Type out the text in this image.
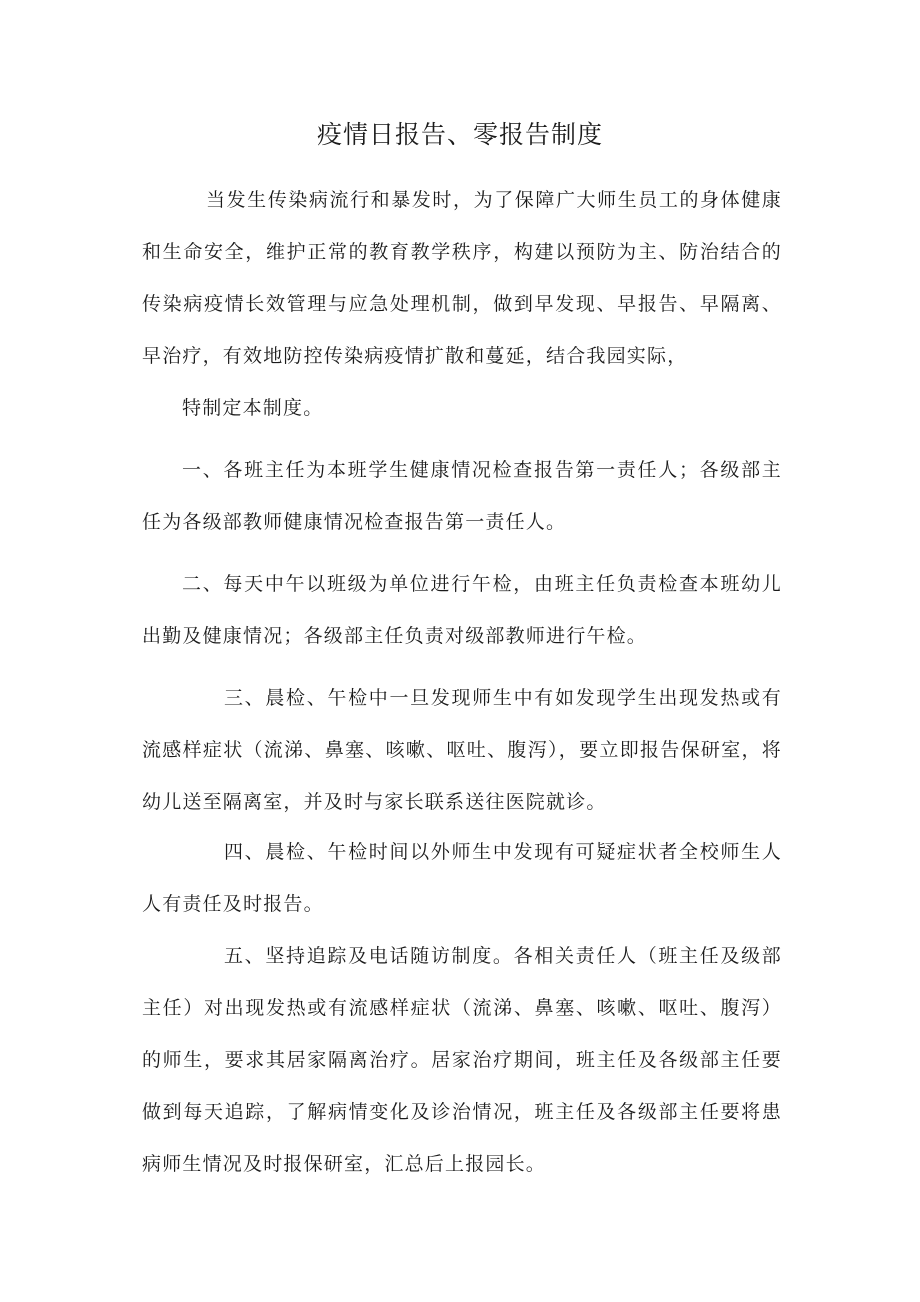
疫情日报告、零报告制度

当发生传染病流行和暴发时，为了保障广大师生员工的身体健康和生命安全，维护正常的教育教学秩序，构建以预防为主、防治结合的传染病疫情长效管理与应急处理机制，做到早发现、早报告、早隔离、早治疗，有效地防控传染病疫情扩散和蔓延，结合我园实际，

特制定本制度。

一、各班主任为本班学生健康情况检查报告第一责任人；各级部主任为各级部教师健康情况检查报告第一责任人。

二、每天中午以班级为单位进行午检，由班主任负责检查本班幼儿出勤及健康情况；各级部主任负责对级部教师进行午检。

三、晨检、午检中一旦发现师生中有如发现学生出现发热或有流感样症状（流涕、鼻塞、咳嗽、呕吐、腹泻），要立即报告保研室，将幼儿送至隔离室，并及时与家长联系送往医院就诊。

四、晨检、午检时间以外师生中发现有可疑症状者全校师生人人有责任及时报告。

五、坚持追踪及电话随访制度。各相关责任人（班主任及级部主任）对出现发热或有流感样症状（流涕、鼻塞、咳嗽、呕吐、腹泻）的师生，要求其居家隔离治疗。居家治疗期间，班主任及各级部主任要做到每天追踪，了解病情变化及诊治情况，班主任及各级部主任要将患病师生情况及时报保研室，汇总后上报园长。
